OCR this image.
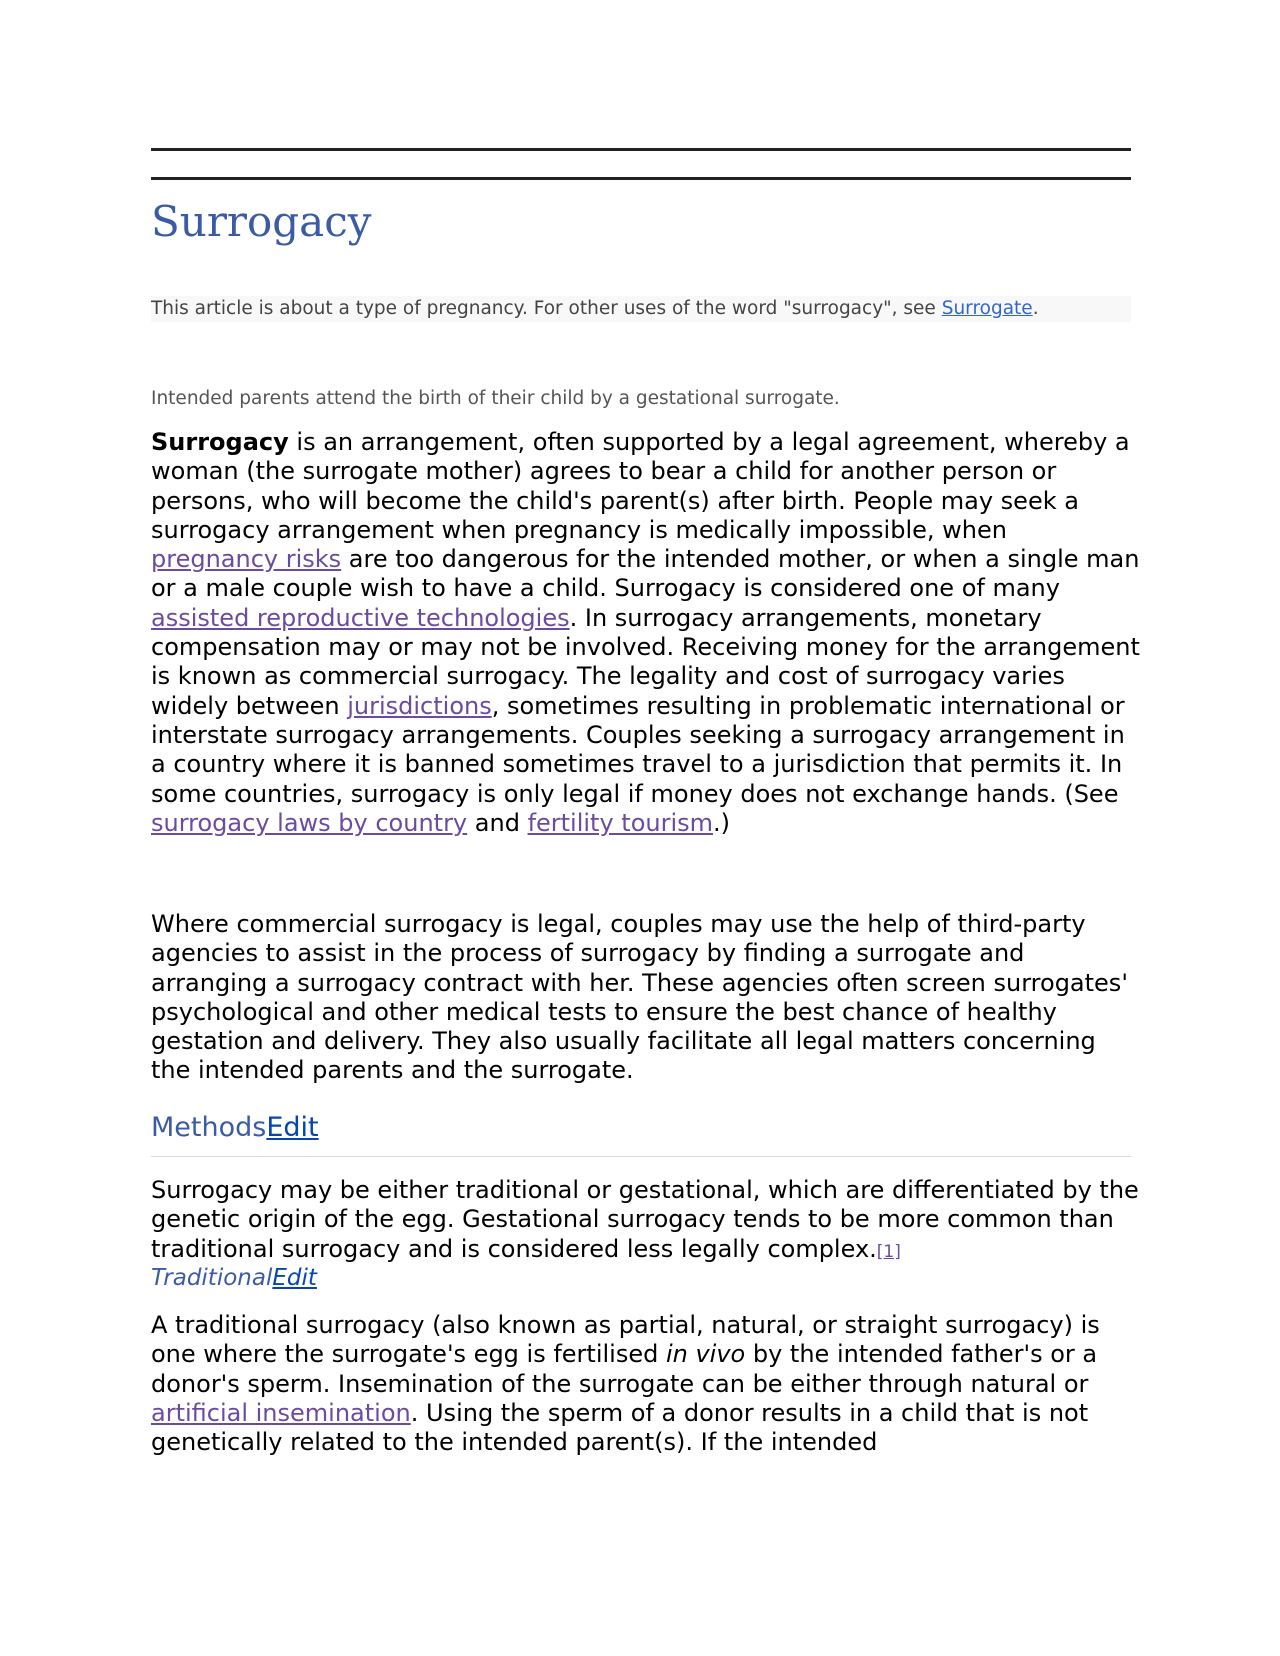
Surrogacy
This article is about a type of pregnancy. For other uses of the word "surrogacy", see Surrogate.
Intended parents attend the birth of their child by a gestational surrogate.

Surrogacy is an arrangement, often supported by a legal agreement, whereby a woman (the surrogate mother) agrees to bear a child for another person or persons, who will become the child's parent(s) after birth. People may seek a surrogacy arrangement when pregnancy is medically impossible, when pregnancy risks are too dangerous for the intended mother, or when a single man or a male couple wish to have a child. Surrogacy is considered one of many assisted reproductive technologies. In surrogacy arrangements, monetary compensation may or may not be involved. Receiving money for the arrangement is known as commercial surrogacy. The legality and cost of surrogacy varies widely between jurisdictions, sometimes resulting in problematic international or interstate surrogacy arrangements. Couples seeking a surrogacy arrangement in a country where it is banned sometimes travel to a jurisdiction that permits it. In some countries, surrogacy is only legal if money does not exchange hands. (See surrogacy laws by country and fertility tourism.)

Where commercial surrogacy is legal, couples may use the help of third-party agencies to assist in the process of surrogacy by finding a surrogate and arranging a surrogacy contract with her. These agencies often screen surrogates' psychological and other medical tests to ensure the best chance of healthy gestation and delivery. They also usually facilitate all legal matters concerning the intended parents and the surrogate.

MethodsEdit

Surrogacy may be either traditional or gestational, which are differentiated by the genetic origin of the egg. Gestational surrogacy tends to be more common than traditional surrogacy and is considered less legally complex.[1]

TraditionalEdit

A traditional surrogacy (also known as partial, natural, or straight surrogacy) is one where the surrogate's egg is fertilised in vivo by the intended father's or a donor's sperm. Insemination of the surrogate can be either through natural or artificial insemination. Using the sperm of a donor results in a child that is not genetically related to the intended parent(s). If the intended
